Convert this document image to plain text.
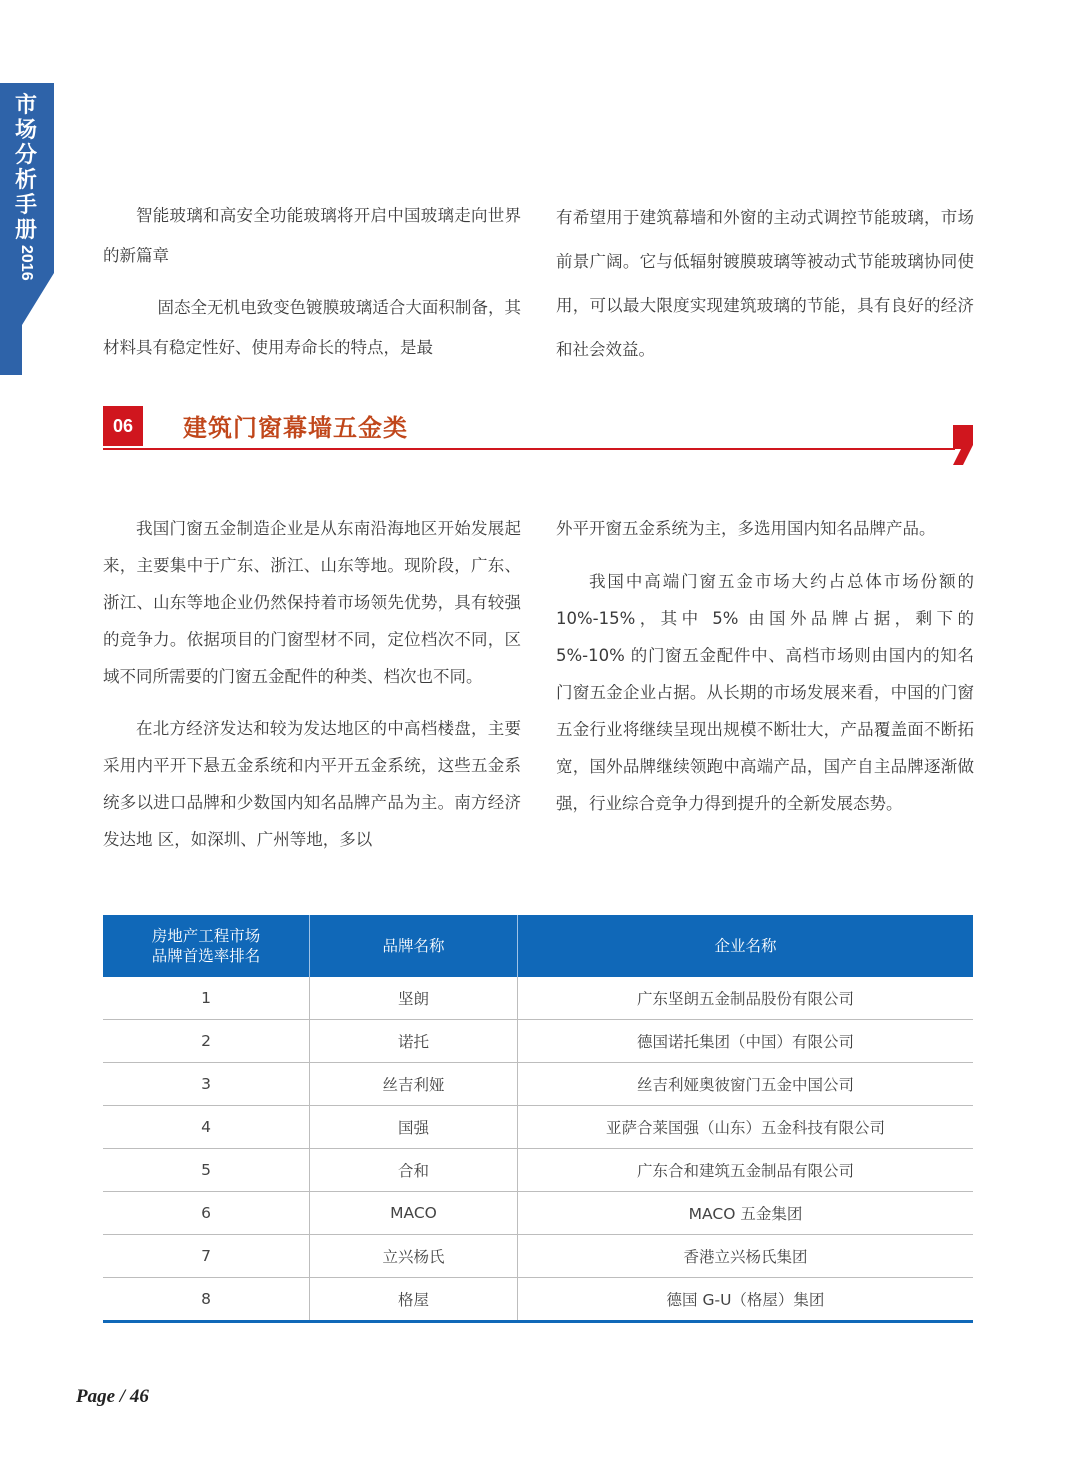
市场分析手册
2016

智能玻璃和高安全功能玻璃将开启中国玻璃走向世界的新篇章

固态全无机电致变色镀膜玻璃适合大面积制备，其材料具有稳定性好、使用寿命长的特点，是最

有希望用于建筑幕墙和外窗的主动式调控节能玻璃，市场前景广阔。它与低辐射镀膜玻璃等被动式节能玻璃协同使用，可以最大限度实现建筑玻璃的节能，具有良好的经济和社会效益。

06	建筑门窗幕墙五金类

我国门窗五金制造企业是从东南沿海地区开始发展起来，主要集中于广东、浙江、山东等地。现阶段，广东、浙江、山东等地企业仍然保持着市场领先优势，具有较强的竞争力。依据项目的门窗型材不同，定位档次不同，区域不同所需要的门窗五金配件的种类、档次也不同。

在北方经济发达和较为发达地区的中高档楼盘，主要采用内平开下悬五金系统和内平开五金系统，这些五金系统多以进口品牌和少数国内知名品牌产品为主。南方经济发达地 区，如深圳、广州等地，多以

外平开窗五金系统为主，多选用国内知名品牌产品。

我国中高端门窗五金市场大约占总体市场份额的 10%-15%，其中 5% 由国外品牌占据，剩下的 5%-10% 的门窗五金配件中、高档市场则由国内的知名门窗五金企业占据。从长期的市场发展来看，中国的门窗五金行业将继续呈现出规模不断壮大，产品覆盖面不断拓宽，国外品牌继续领跑中高端产品，国产自主品牌逐渐做强，行业综合竞争力得到提升的全新发展态势。

房地产工程市场
品牌首选率排名	品牌名称	企业名称
1	坚朗	广东坚朗五金制品股份有限公司
2	诺托	德国诺托集团（中国）有限公司
3	丝吉利娅	丝吉利娅奥彼窗门五金中国公司
4	国强	亚萨合莱国强（山东）五金科技有限公司
5	合和	广东合和建筑五金制品有限公司
6	MACO	MACO 五金集团
7	立兴杨氏	香港立兴杨氏集团
8	格屋	德国 G-U（格屋）集团
Page / 46
